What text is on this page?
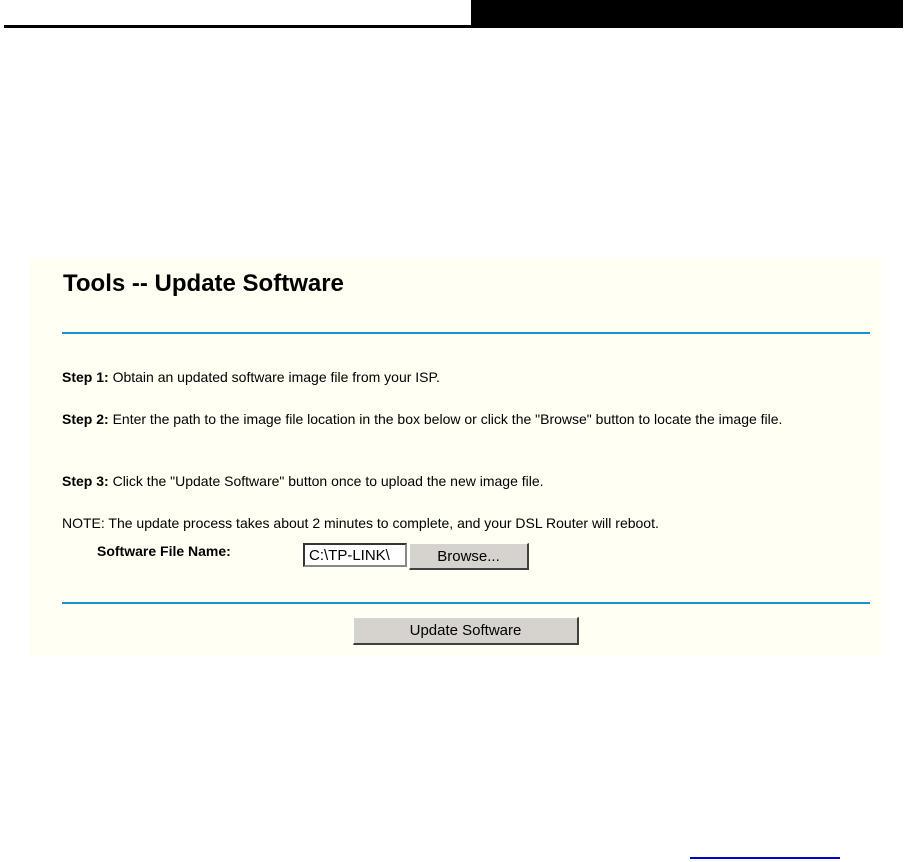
Tools -- Update Software
Step 1: Obtain an updated software image file from your ISP.
Step 2: Enter the path to the image file location in the box below or click the "Browse" button to locate the image file.
Step 3: Click the "Update Software" button once to upload the new image file.
NOTE: The update process takes about 2 minutes to complete, and your DSL Router will reboot.
Software File Name:
C:\TP-LINK\	Browse...
Update Software
